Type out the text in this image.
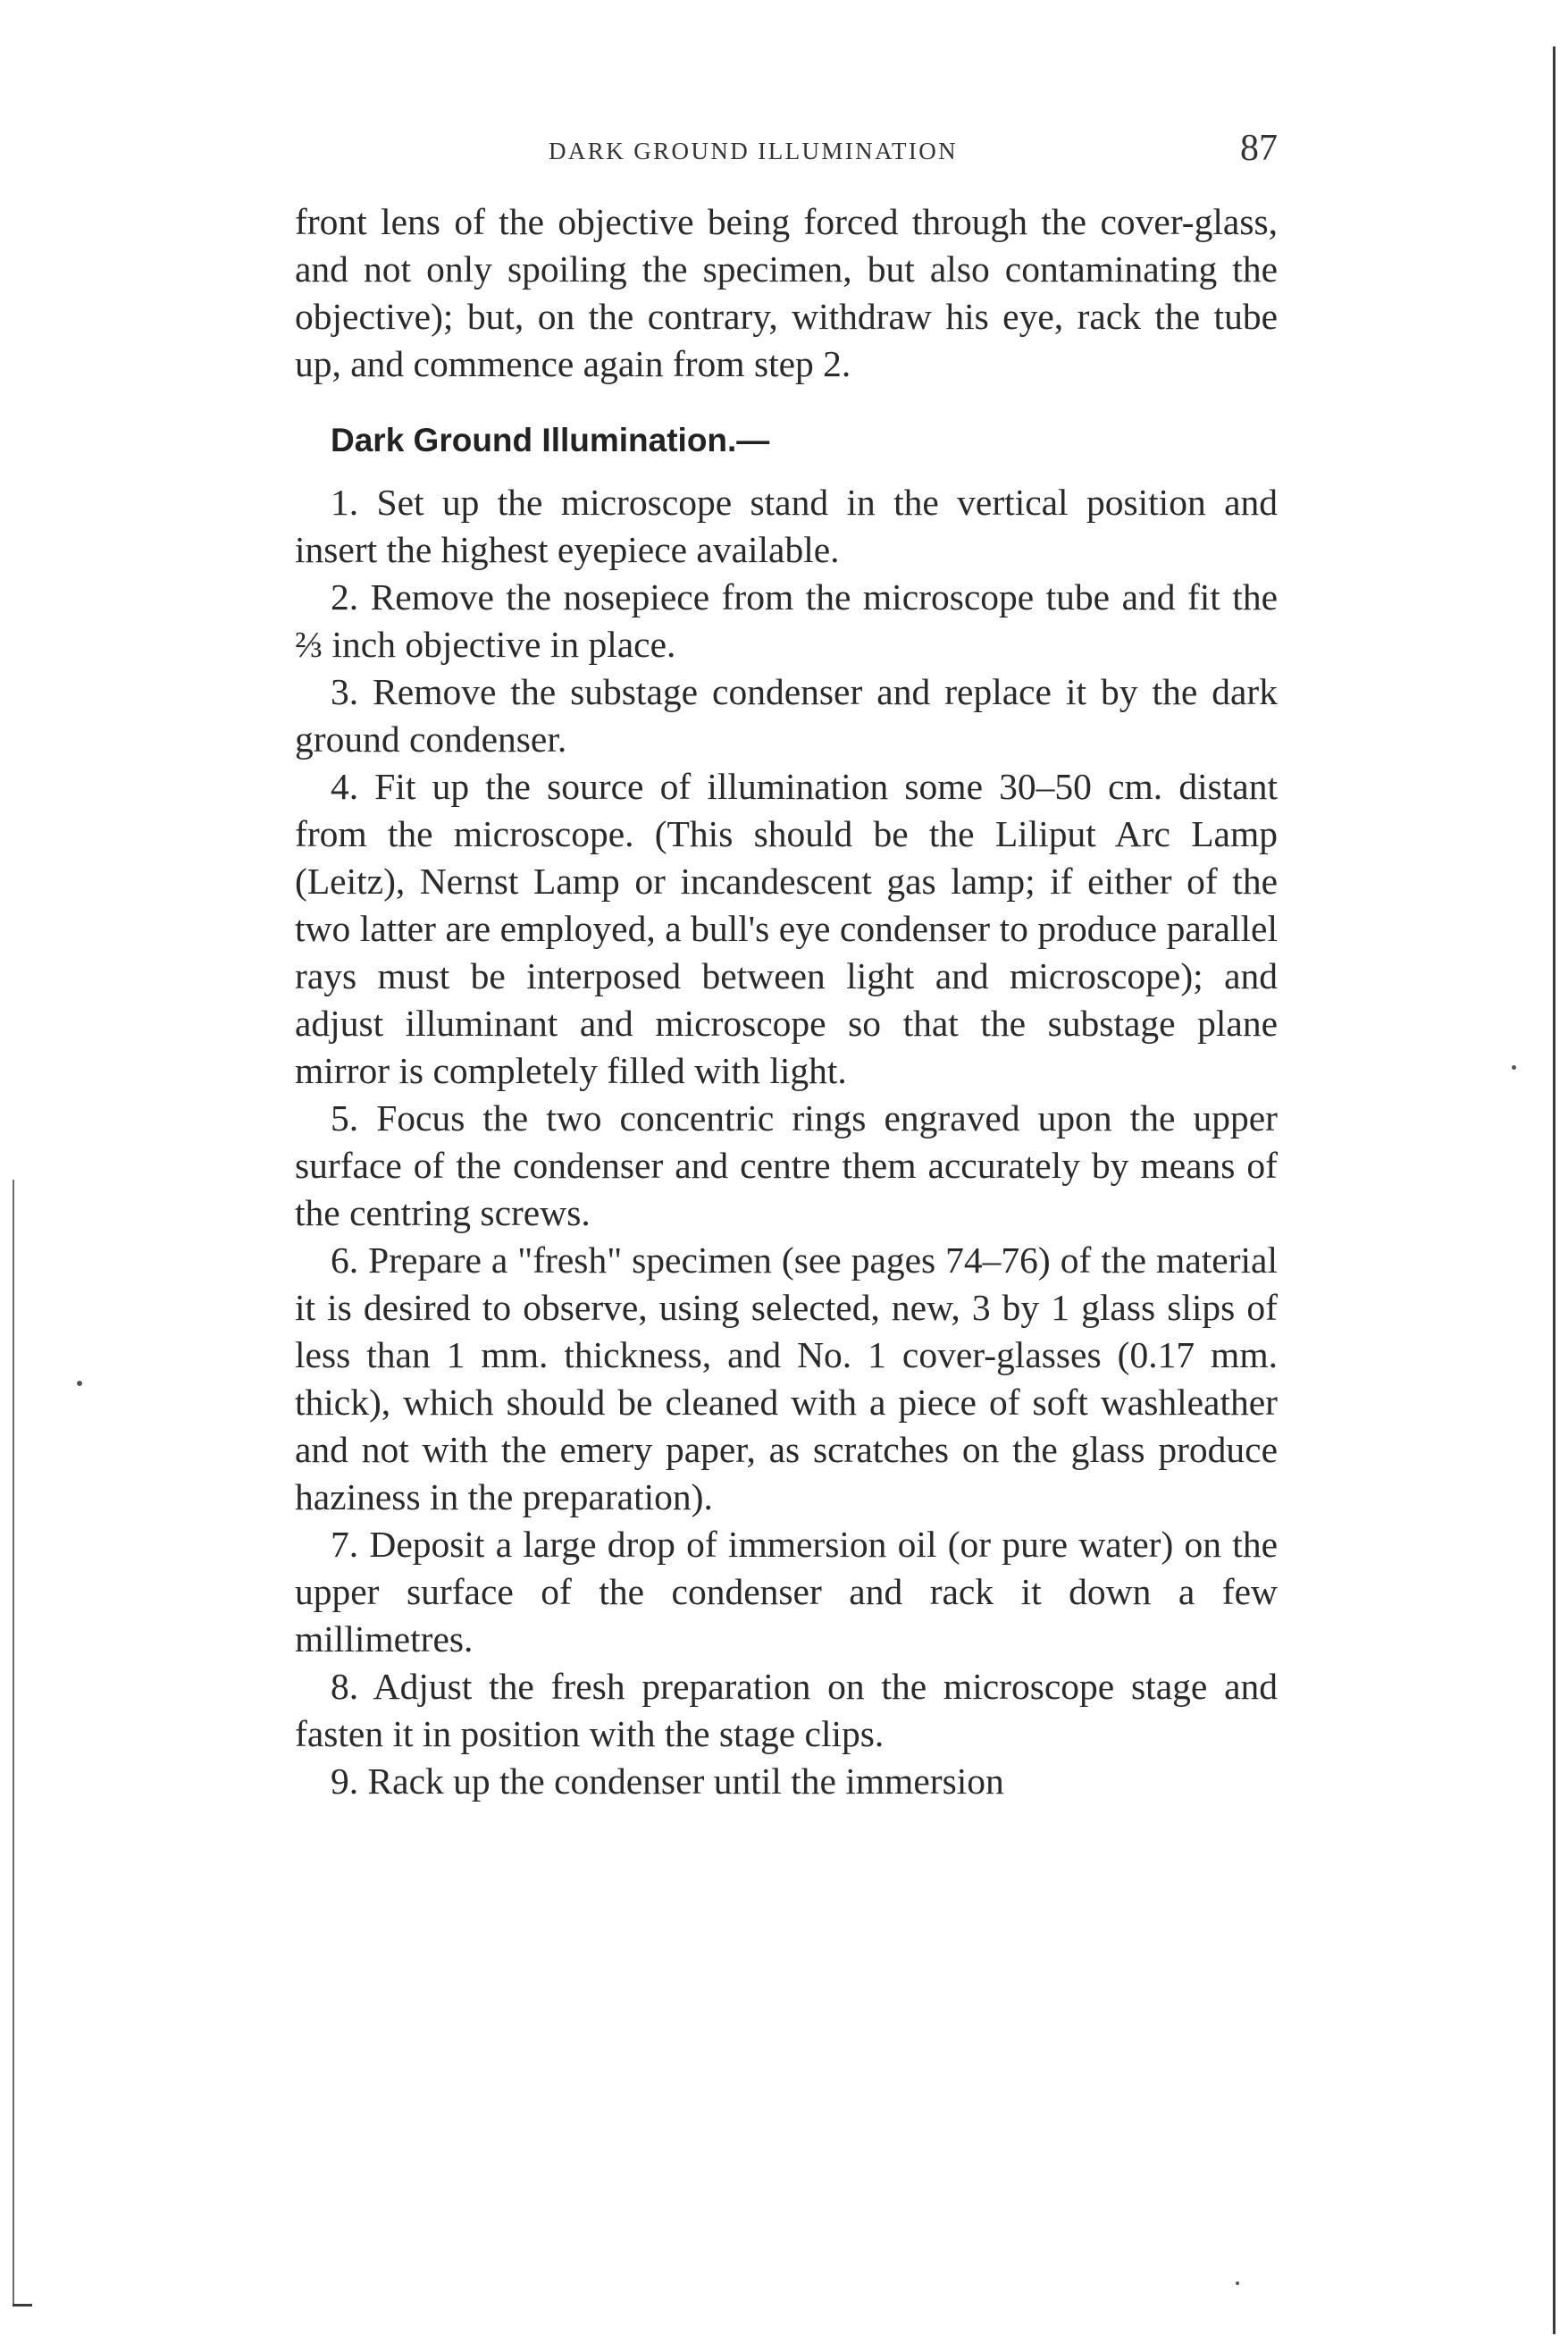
DARK GROUND ILLUMINATION	87

front lens of the objective being forced through the cover-glass, and not only spoiling the specimen, but also contaminating the objective); but, on the contrary, withdraw his eye, rack the tube up, and commence again from step 2.

Dark Ground Illumination.—

1. Set up the microscope stand in the vertical position and insert the highest eyepiece available.

2. Remove the nosepiece from the microscope tube and fit the ⅔ inch objective in place.

3. Remove the substage condenser and replace it by the dark ground condenser.

4. Fit up the source of illumination some 30–50 cm. distant from the microscope. (This should be the Liliput Arc Lamp (Leitz), Nernst Lamp or incandescent gas lamp; if either of the two latter are employed, a bull's eye condenser to produce parallel rays must be interposed between light and microscope); and adjust illuminant and microscope so that the substage plane mirror is completely filled with light.

5. Focus the two concentric rings engraved upon the upper surface of the condenser and centre them accurately by means of the centring screws.

6. Prepare a "fresh" specimen (see pages 74–76) of the material it is desired to observe, using selected, new, 3 by 1 glass slips of less than 1 mm. thickness, and No. 1 cover-glasses (0.17 mm. thick), which should be cleaned with a piece of soft washleather and not with the emery paper, as scratches on the glass produce haziness in the preparation).

7. Deposit a large drop of immersion oil (or pure water) on the upper surface of the condenser and rack it down a few millimetres.

8. Adjust the fresh preparation on the microscope stage and fasten it in position with the stage clips.

9. Rack up the condenser until the immersion
